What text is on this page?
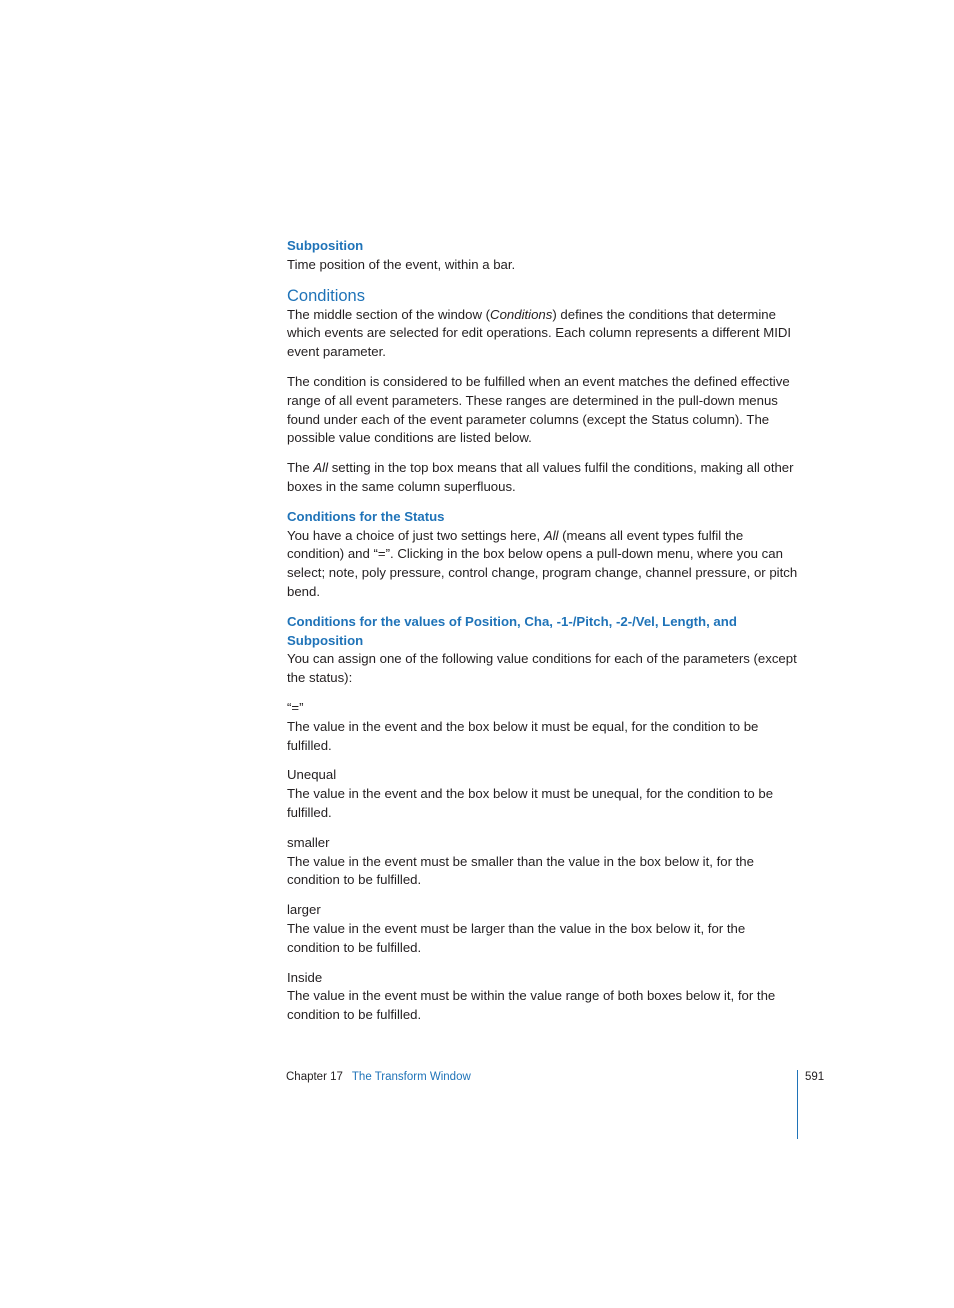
Subposition

Time position of the event, within a bar.

Conditions

The middle section of the window (Conditions) defines the conditions that determine which events are selected for edit operations. Each column represents a different MIDI event parameter.

The condition is considered to be fulfilled when an event matches the defined effective range of all event parameters. These ranges are determined in the pull-down menus found under each of the event parameter columns (except the Status column). The possible value conditions are listed below.

The All setting in the top box means that all values fulfil the conditions, making all other boxes in the same column superfluous.

Conditions for the Status

You have a choice of just two settings here, All (means all event types fulfil the condition) and “=”. Clicking in the box below opens a pull-down menu, where you can select; note, poly pressure, control change, program change, channel pressure, or pitch bend.

Conditions for the values of Position, Cha, -1-/Pitch, -2-/Vel, Length, and Subposition

You can assign one of the following value conditions for each of the parameters (except the status):

“=”

The value in the event and the box below it must be equal, for the condition to be fulfilled.

Unequal

The value in the event and the box below it must be unequal, for the condition to be fulfilled.

smaller

The value in the event must be smaller than the value in the box below it, for the condition to be fulfilled.

larger

The value in the event must be larger than the value in the box below it, for the condition to be fulfilled.

Inside

The value in the event must be within the value range of both boxes below it, for the condition to be fulfilled.

Chapter 17 The Transform Window	591
